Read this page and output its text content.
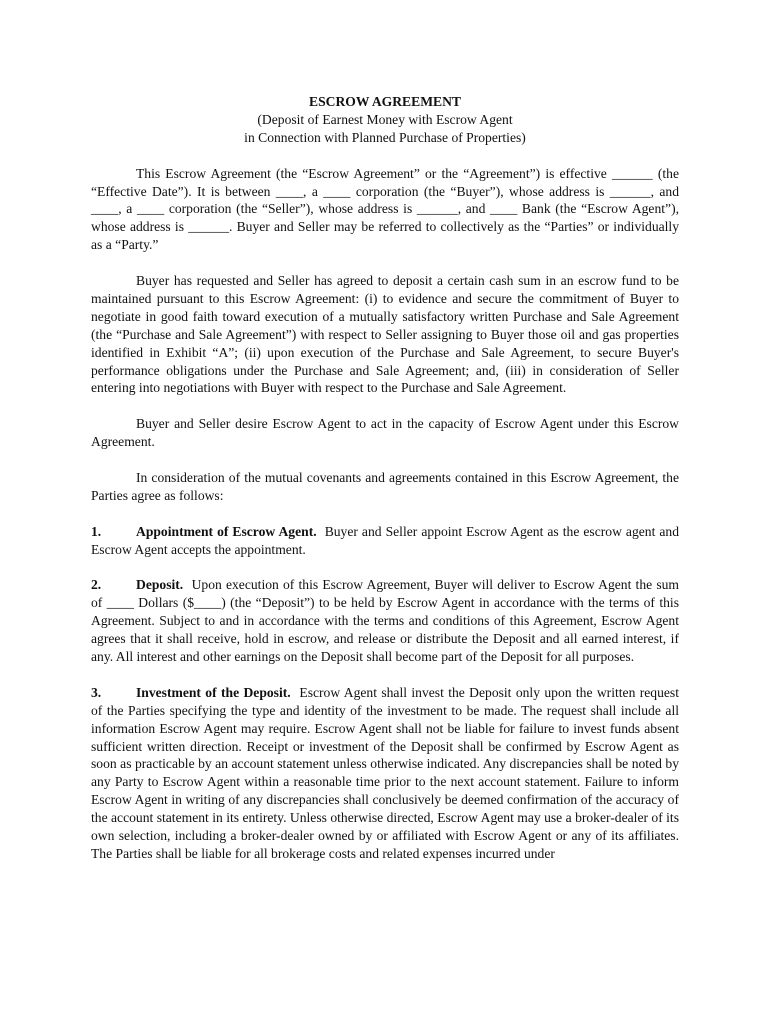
ESCROW AGREEMENT
(Deposit of Earnest Money with Escrow Agent
in Connection with Planned Purchase of Properties)

This Escrow Agreement (the “Escrow Agreement” or the “Agreement”) is effective ______ (the “Effective Date”). It is between ____, a ____ corporation (the “Buyer”), whose address is ______, and ____, a ____ corporation (the “Seller”), whose address is ______, and ____ Bank (the “Escrow Agent”), whose address is ______. Buyer and Seller may be referred to collectively as the “Parties” or individually as a “Party.”

Buyer has requested and Seller has agreed to deposit a certain cash sum in an escrow fund to be maintained pursuant to this Escrow Agreement: (i) to evidence and secure the commitment of Buyer to negotiate in good faith toward execution of a mutually satisfactory written Purchase and Sale Agreement (the “Purchase and Sale Agreement”) with respect to Seller assigning to Buyer those oil and gas properties identified in Exhibit “A”; (ii) upon execution of the Purchase and Sale Agreement, to secure Buyer's performance obligations under the Purchase and Sale Agreement; and, (iii) in consideration of Seller entering into negotiations with Buyer with respect to the Purchase and Sale Agreement.

Buyer and Seller desire Escrow Agent to act in the capacity of Escrow Agent under this Escrow Agreement.

In consideration of the mutual covenants and agreements contained in this Escrow Agreement, the Parties agree as follows:

1.	Appointment of Escrow Agent. Buyer and Seller appoint Escrow Agent as the escrow agent and Escrow Agent accepts the appointment.

2.	Deposit. Upon execution of this Escrow Agreement, Buyer will deliver to Escrow Agent the sum of ____ Dollars ($____) (the “Deposit”) to be held by Escrow Agent in accordance with the terms of this Agreement. Subject to and in accordance with the terms and conditions of this Agreement, Escrow Agent agrees that it shall receive, hold in escrow, and release or distribute the Deposit and all earned interest, if any. All interest and other earnings on the Deposit shall become part of the Deposit for all purposes.

3.	Investment of the Deposit. Escrow Agent shall invest the Deposit only upon the written request of the Parties specifying the type and identity of the investment to be made. The request shall include all information Escrow Agent may require. Escrow Agent shall not be liable for failure to invest funds absent sufficient written direction. Receipt or investment of the Deposit shall be confirmed by Escrow Agent as soon as practicable by an account statement unless otherwise indicated. Any discrepancies shall be noted by any Party to Escrow Agent within a reasonable time prior to the next account statement. Failure to inform Escrow Agent in writing of any discrepancies shall conclusively be deemed confirmation of the accuracy of the account statement in its entirety. Unless otherwise directed, Escrow Agent may use a broker-dealer of its own selection, including a broker-dealer owned by or affiliated with Escrow Agent or any of its affiliates. The Parties shall be liable for all brokerage costs and related expenses incurred under
